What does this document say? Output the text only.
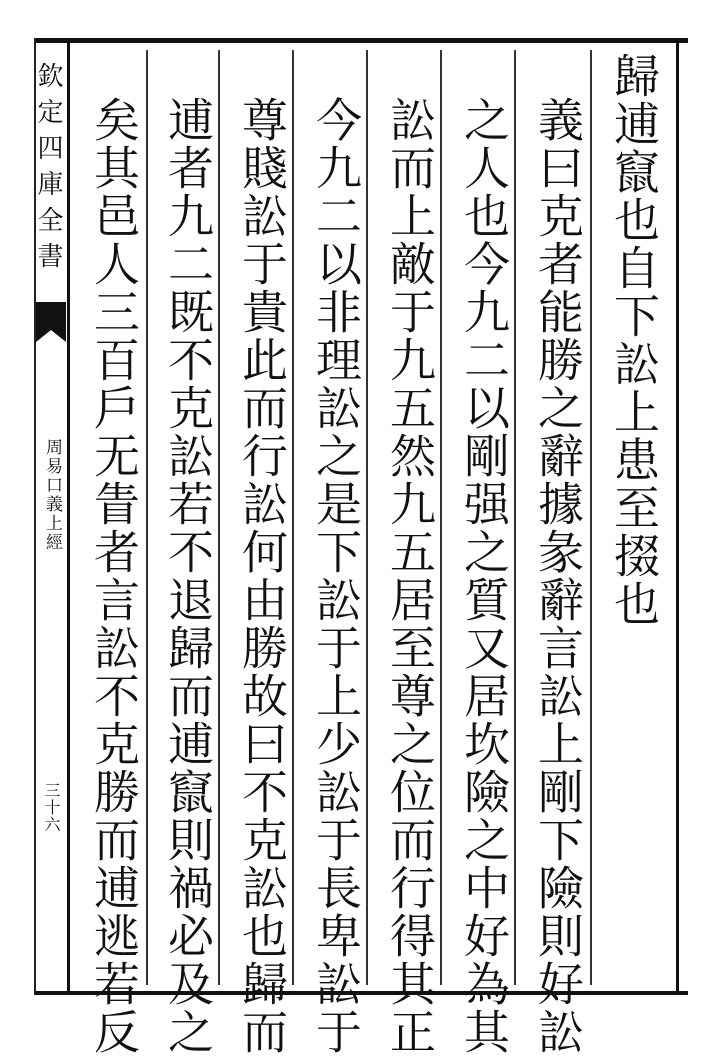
欽定四庫全書
周易口義上經
三十六
歸逋竄也自下訟上患至掇也
義曰克者能勝之辭據彖辭言訟上剛下險則好訟
之人也今九二以剛强之質又居坎險之中好為其
訟而上敵于九五然九五居至尊之位而行得其正
今九二以非理訟之是下訟于上少訟于長卑訟于
尊賤訟于貴此而行訟何由勝故曰不克訟也歸而
逋者九二既不克訟若不退歸而逋竄則禍必及之
矣其邑人三百戶无眚者言訟不克勝而逋逃若反
